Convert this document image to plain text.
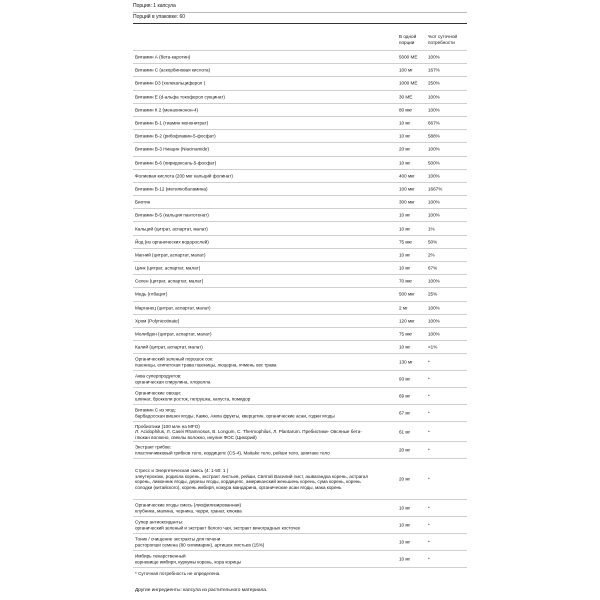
Порция: 1 капсула
Порций в упаковке: 60
В одной порции
%от суточной потребности
Витамин А (бета-каротин)	5000 МЕ 100%
Витамин С (аскорбиновая кислота)	100 мг	167%
Витамин D3 (холекальциферол )	1000 МЕ 250%
Витамин Е (d-альфа токоферол сукцинат)	30 МЕ	100%
Витамин К 2 (менахинонон-4)	80 мкг	100%
Витамин В-1 (тиамин мононитрат)	10 мг	667%
Витамин В-2 (рибофлавин-5-фосфат)	10 мг	588%
Витамин В-3 Ниацин (Niacinamide)	20 мг	100%
Витамин В-6 (пиридоксаль-5-фосфат)	10 мг	500%
Фолиевая кислота (200 мкг кальций фолинат)	400 мкг	100%
Витамин В-12 (метилкобаламина)	100 мкг	1667%
Биотин	300 мкг	100%
Витамин В-5 (кальция пантотенат)	10 мг	100%
Кальций (цитрат, аспартат, малат)	10 мг	1%
Йод (из органических водорослей)	75 мкг	50%
Магний (цитрат, аспартат, малат)	10 мг	2%
Цинк (цитрат, аспартат, малат)	10 мг	67%
Селен (цитрат, аспартат, малат)	70 мкг	100%
Медь (глбацит)	500 мкг	25%
Марганец (цитрат, аспартат, малат)	2 мг	100%
Хром (Polynicotinate)	120 мкг	100%
Молибден (цитрат, аспартат, малат)	75 мкг	100%
Калий (цитрат, аспартат, малат)	10 мг	<1%
Органический зеленый порошок сок:
пшеницы, египетская трава пшеницы, люцерна, ячмень овс трава
130 мг	*
Аква суперпродуктов:
органическая спирулина, хлорелла
93 мг	*
Органические овощи:
шпинат, брокколи росток, петрушка, капуста, помидор
69 мг	*
Витамин С из ягод:
барбадосская вишня ягоды, Камю, Амла фрукты, кверцетин, органические асаи, годжи ягоды
67 мг	*
Пробиотики (100 млн на MFO)
Л. Acidophilus, Л. Casei Rhamnosus, B. Longum, C. Thermophilus, Л. Plantarum. Пребиотики- Овсяные бета-глюкан волокно, свеклы волокно, инулин ФОС (Цикорий)
61 мг	*
Экстракт грибов:
пластинчивковый грибков тело, кордицепс (CS-4), Maitake тело, рейши тело, шиитаке тело
20 мг	*
Стресс и Энергетическая смесь (4: 1-50: 1 )
элеутерококк, родиола корень, экстракт листьев, рейши, Святой Василий лист, ашвагандха корень, астрагал корень, лимонник ягоды, дерезы ягоды, кордицепс, американский женьшень корень, сума корень, корень солодки (китайского), корень имбиря, кожура мандарина, органические асаи ягоды, мака корень
20 мг	*
Органические ягоды смесь (лиофилизированная)
клубника, малина, черника, черри, гранат, клюква
10 мг	*
Супер антиоксиданты:
органический зеленый и экстракт белого чая, экстракт виноградных косточек
10 мг	*
Тоник / очищение экстракты для печени
расторопши семена (80 силимарин), артишок листьев (15%)
10 мг	*
Имбирь лекарственный
корневище имбиря, куркумы корень, кора корицы
10 мг	*
* Суточная потребность не определена.
Другие ингредиенты: капсула из растительного материала.
